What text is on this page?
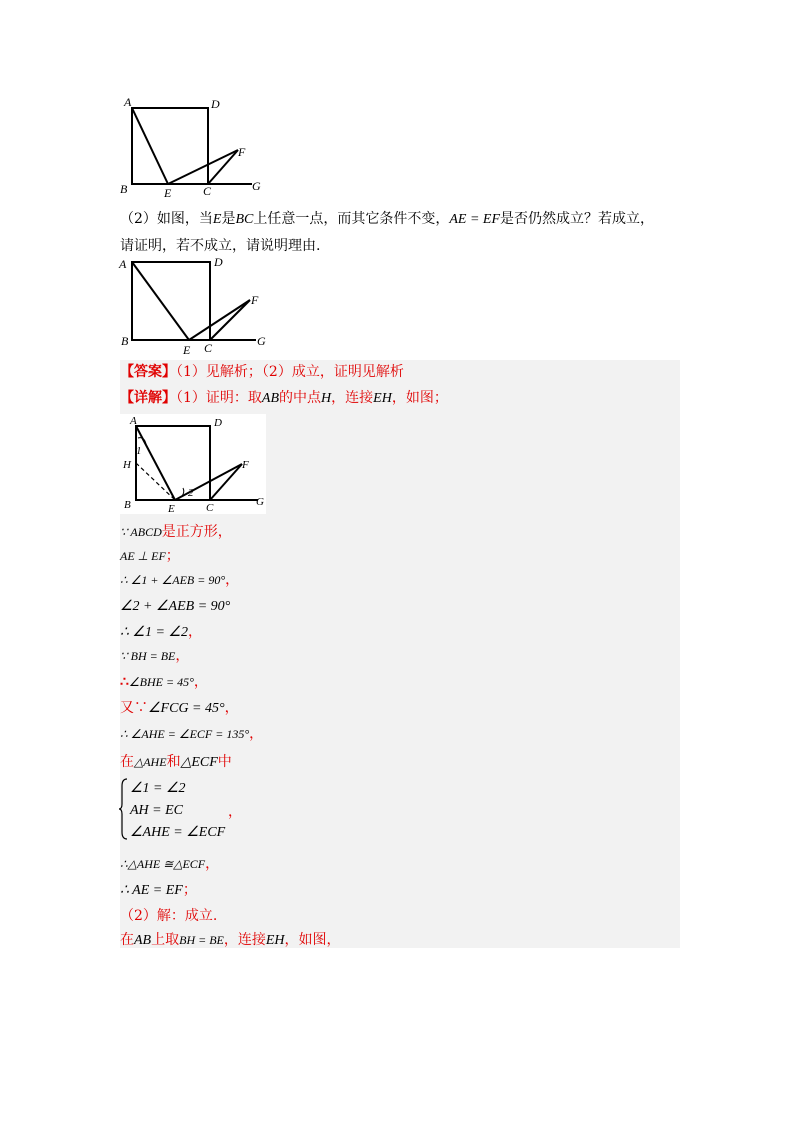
A	D
B	E	C	G
F
（2）如图，当E是BC上任意一点，而其它条件不变，AE = EF是否仍然成立？若成立，
请证明，若不成立，请说明理由.
A	D
B
E C	G
F
【答案】（1）见解析；（2）成立，证明见解析
【详解】（1）证明：取AB的中点H，连接EH，如图；
A	D
H
1
2
B	E	C	G
F
∵ ABCD是正方形，
AE ⊥ EF；
∴ ∠1 + ∠AEB = 90°，
∠2 + ∠AEB = 90°
∴ ∠1 = ∠2，
∵ BH = BE，
∴∠BHE = 45°，
又∵∠FCG = 45°，
∴ ∠AHE = ∠ECF = 135°，
在△AHE和△ECF中
∠1 = ∠2
AH = EC
∠AHE = ∠ECF
，
∴△AHE ≅△ECF，
∴ AE = EF；
（2）解：成立.
在AB上取BH = BE，连接EH，如图，
